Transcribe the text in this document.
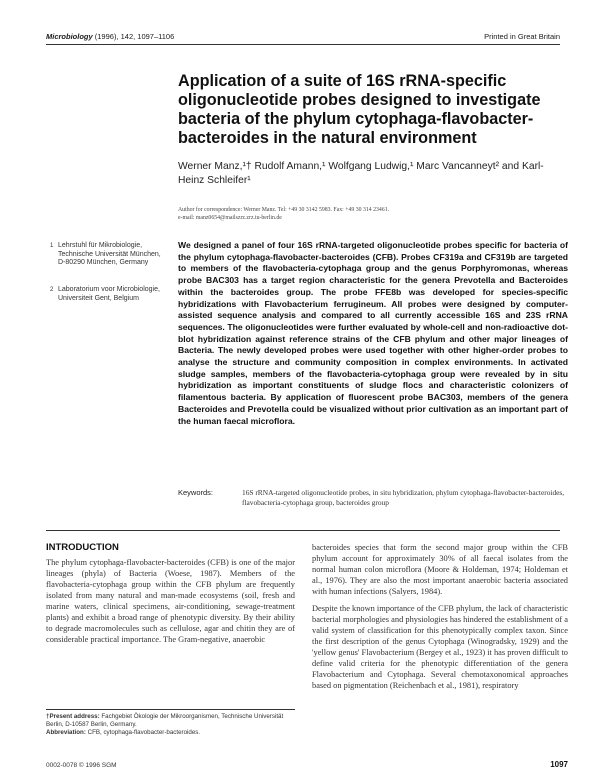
Microbiology (1996), 142, 1097–1106	Printed in Great Britain
Application of a suite of 16S rRNA-specific oligonucleotide probes designed to investigate bacteria of the phylum cytophaga-flavobacter-bacteroides in the natural environment
Werner Manz,¹† Rudolf Amann,¹ Wolfgang Ludwig,¹ Marc Vancanneyt² and Karl-Heinz Schleifer¹
Author for correspondence: Werner Manz. Tel: +49 30 3142 5983. Fax: +49 30 314 23461.
e-mail: manz0654@mailszrz.zrz.tu-berlin.de
1 Lehrstuhl für Mikrobiologie, Technische Universität München, D-80290 München, Germany
2 Laboratorium voor Microbiologie, Universiteit Gent, Belgium
We designed a panel of four 16S rRNA-targeted oligonucleotide probes specific for bacteria of the phylum cytophaga-flavobacter-bacteroides (CFB). Probes CF319a and CF319b are targeted to members of the flavobacteria-cytophaga group and the genus Porphyromonas, whereas probe BAC303 has a target region characteristic for the genera Prevotella and Bacteroides within the bacteroides group. The probe FFE8b was developed for species-specific hybridizations with Flavobacterium ferrugineum. All probes were designed by computer-assisted sequence analysis and compared to all currently accessible 16S and 23S rRNA sequences. The oligonucleotides were further evaluated by whole-cell and non-radioactive dot-blot hybridization against reference strains of the CFB phylum and other major lineages of Bacteria. The newly developed probes were used together with other higher-order probes to analyse the structure and community composition in complex environments. In activated sludge samples, members of the flavobacteria-cytophaga group were revealed by in situ hybridization as important constituents of sludge flocs and characteristic colonizers of filamentous bacteria. By application of fluorescent probe BAC303, members of the genera Bacteroides and Prevotella could be visualized without prior cultivation as an important part of the human faecal microflora.
Keywords:	16S rRNA-targeted oligonucleotide probes, in situ hybridization, phylum cytophaga-flavobacter-bacteroides, flavobacteria-cytophaga group, bacteroides group
INTRODUCTION
The phylum cytophaga-flavobacter-bacteroides (CFB) is one of the major lineages (phyla) of Bacteria (Woese, 1987). Members of the flavobacteria-cytophaga group within the CFB phylum are frequently isolated from many natural and man-made ecosystems (soil, fresh and marine waters, clinical specimens, air-conditioning, sewage-treatment plants) and exhibit a broad range of phenotypic diversity. By their ability to degrade macromolecules such as cellulose, agar and chitin they are of considerable practical importance. The Gram-negative, anaerobic

bacteroides species that form the second major group within the CFB phylum account for approximately 30% of all faecal isolates from the normal human colon microflora (Moore & Holdeman, 1974; Holdeman et al., 1976). They are also the most important anaerobic bacteria associated with human infections (Salyers, 1984).

Despite the known importance of the CFB phylum, the lack of characteristic bacterial morphologies and physiologies has hindered the establishment of a valid system of classification for this phenotypically complex taxon. Since the first description of the genus Cytophaga (Winogradsky, 1929) and the 'yellow genus' Flavobacterium (Bergey et al., 1923) it has proven difficult to define valid criteria for the phenotypic differentiation of the genera Flavobacterium and Cytophaga. Several chemotaxonomical approaches based on pigmentation (Reichenbach et al., 1981), respiratory

†Present address: Fachgebiet Ökologie der Mikroorganismen, Technische Universität Berlin, D-10587 Berlin, Germany.
Abbreviation: CFB, cytophaga-flavobacter-bacteroides.
0002-0078 © 1996 SGM	1097
